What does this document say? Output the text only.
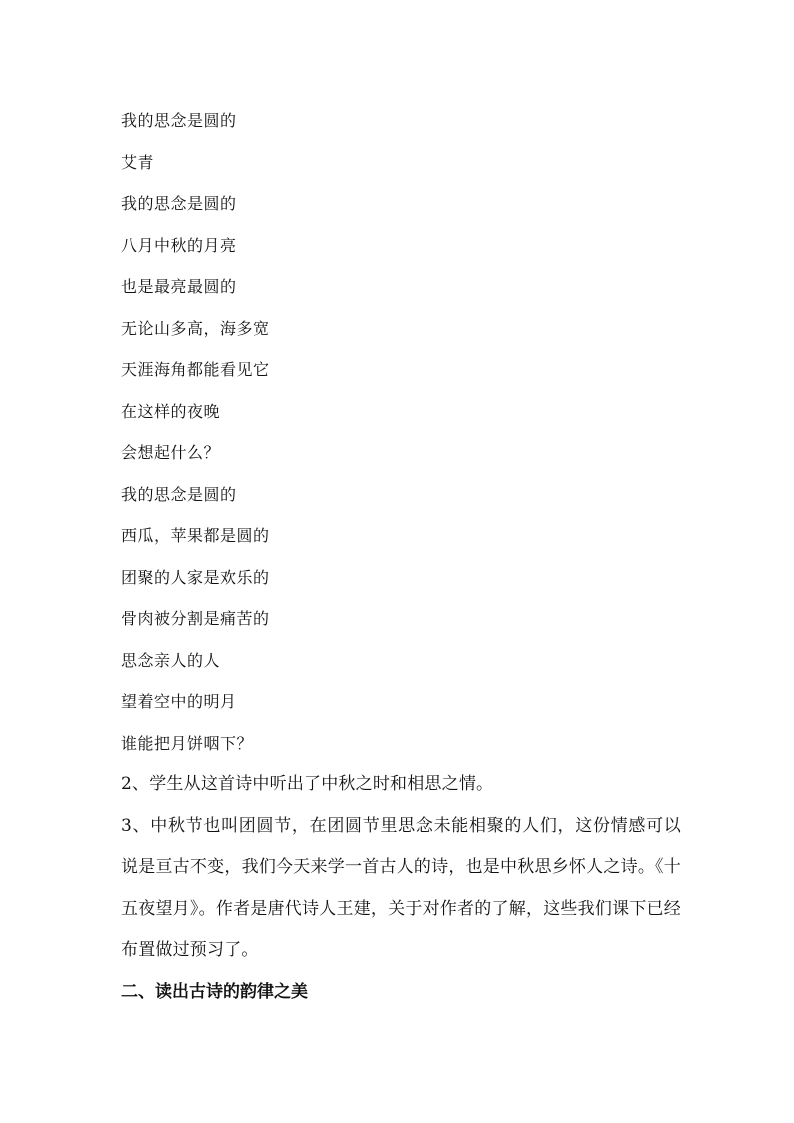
我的思念是圆的

艾青

我的思念是圆的

八月中秋的月亮

也是最亮最圆的

无论山多高，海多宽

天涯海角都能看见它

在这样的夜晚

会想起什么？

我的思念是圆的

西瓜，苹果都是圆的

团聚的人家是欢乐的

骨肉被分割是痛苦的

思念亲人的人

望着空中的明月

谁能把月饼咽下？

2、学生从这首诗中听出了中秋之时和相思之情。

3、中秋节也叫团圆节，在团圆节里思念未能相聚的人们，这份情感可以说是亘古不变，我们今天来学一首古人的诗，也是中秋思乡怀人之诗。《十五夜望月》。作者是唐代诗人王建，关于对作者的了解，这些我们课下已经布置做过预习了。

二、读出古诗的韵律之美
